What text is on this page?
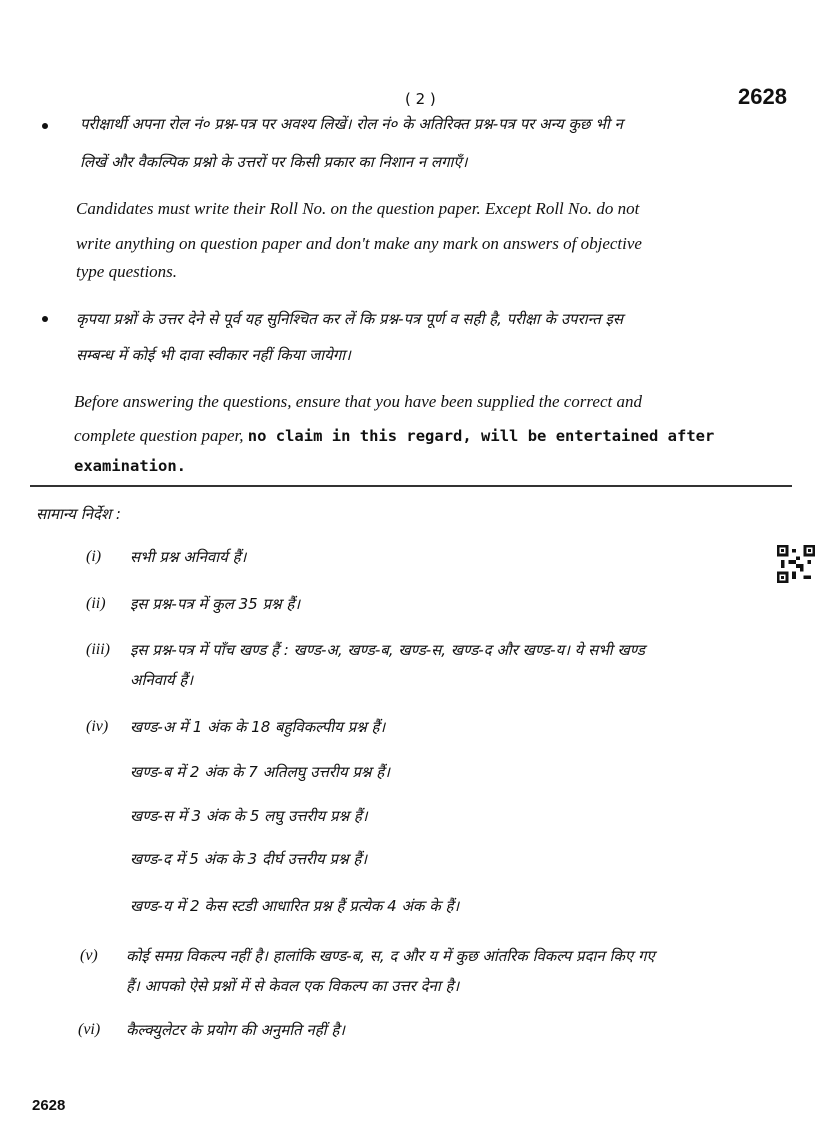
( 2 )	2628
परीक्षार्थी अपना रोल नं० प्रश्न-पत्र पर अवश्य लिखें। रोल नं० के अतिरिक्त प्रश्न-पत्र पर अन्य कुछ भी न
लिखें और वैकल्पिक प्रश्नो के उत्तरों पर किसी प्रकार का निशान न लगाएँ।
Candidates must write their Roll No. on the question paper. Except Roll No. do not
write anything on question paper and don't make any mark on answers of objective
type questions.
कृपया प्रश्नों के उत्तर देने से पूर्व यह सुनिश्चित कर लें कि प्रश्न-पत्र पूर्ण व सही है, परीक्षा के उपरान्त इस
सम्बन्ध में कोई भी दावा स्वीकार नहीं किया जायेगा।
Before answering the questions, ensure that you have been supplied the correct and
complete question paper, no claim in this regard, will be entertained after
examination.
सामान्य निर्देश :
(i) सभी प्रश्न अनिवार्य हैं।
(ii) इस प्रश्न-पत्र में कुल 35 प्रश्न हैं।
(iii) इस प्रश्न-पत्र में पाँच खण्ड हैं : खण्ड-अ, खण्ड-ब, खण्ड-स, खण्ड-द और खण्ड-य। ये सभी खण्ड
अनिवार्य हैं।
(iv) खण्ड-अ में 1 अंक के 18 बहुविकल्पीय प्रश्न हैं।
खण्ड-ब में 2 अंक के 7 अतिलघु उत्तरीय प्रश्न हैं।
खण्ड-स में 3 अंक के 5 लघु उत्तरीय प्रश्न हैं।
खण्ड-द में 5 अंक के 3 दीर्घ उत्तरीय प्रश्न हैं।
खण्ड-य में 2 केस स्टडी आधारित प्रश्न हैं प्रत्येक 4 अंक के हैं।
(v) कोई समग्र विकल्प नहीं है। हालांकि खण्ड-ब, स, द और य में कुछ आंतरिक विकल्प प्रदान किए गए
हैं। आपको ऐसे प्रश्नों में से केवल एक विकल्प का उत्तर देना है।
(vi) कैल्क्युलेटर के प्रयोग की अनुमति नहीं है।
2628
